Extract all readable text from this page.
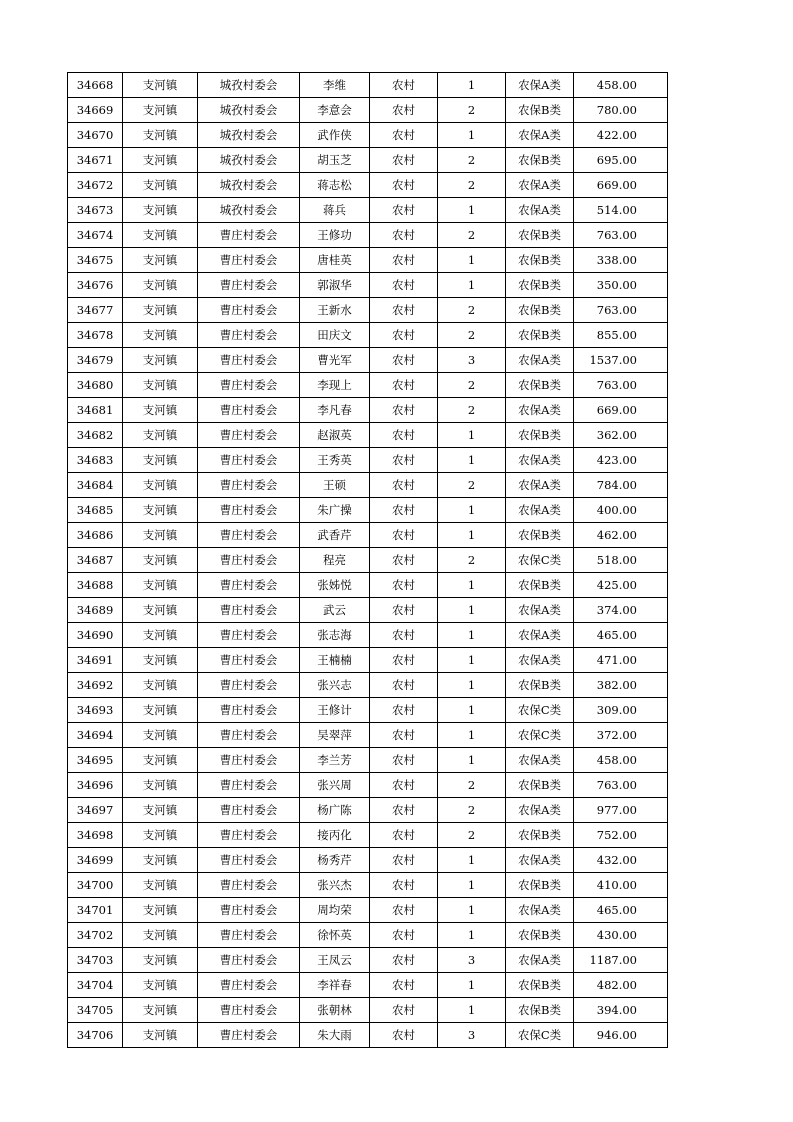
34668	支河镇	城孜村委会	李维	农村	1	农保A类	458.00
34669	支河镇	城孜村委会	李意会	农村	2	农保B类	780.00
34670	支河镇	城孜村委会	武作侠	农村	1	农保A类	422.00
34671	支河镇	城孜村委会	胡玉芝	农村	2	农保B类	695.00
34672	支河镇	城孜村委会	蒋志松	农村	2	农保A类	669.00
34673	支河镇	城孜村委会	蒋兵	农村	1	农保A类	514.00
34674	支河镇	曹庄村委会	王修功	农村	2	农保B类	763.00
34675	支河镇	曹庄村委会	唐桂英	农村	1	农保B类	338.00
34676	支河镇	曹庄村委会	郭淑华	农村	1	农保B类	350.00
34677	支河镇	曹庄村委会	王新水	农村	2	农保B类	763.00
34678	支河镇	曹庄村委会	田庆文	农村	2	农保B类	855.00
34679	支河镇	曹庄村委会	曹光军	农村	3	农保A类	1537.00
34680	支河镇	曹庄村委会	李现上	农村	2	农保B类	763.00
34681	支河镇	曹庄村委会	李凡春	农村	2	农保A类	669.00
34682	支河镇	曹庄村委会	赵淑英	农村	1	农保B类	362.00
34683	支河镇	曹庄村委会	王秀英	农村	1	农保A类	423.00
34684	支河镇	曹庄村委会	王硕	农村	2	农保A类	784.00
34685	支河镇	曹庄村委会	朱广操	农村	1	农保A类	400.00
34686	支河镇	曹庄村委会	武香芹	农村	1	农保B类	462.00
34687	支河镇	曹庄村委会	程亮	农村	2	农保C类	518.00
34688	支河镇	曹庄村委会	张姊悦	农村	1	农保B类	425.00
34689	支河镇	曹庄村委会	武云	农村	1	农保A类	374.00
34690	支河镇	曹庄村委会	张志海	农村	1	农保A类	465.00
34691	支河镇	曹庄村委会	王楠楠	农村	1	农保A类	471.00
34692	支河镇	曹庄村委会	张兴志	农村	1	农保B类	382.00
34693	支河镇	曹庄村委会	王修计	农村	1	农保C类	309.00
34694	支河镇	曹庄村委会	吴翠萍	农村	1	农保C类	372.00
34695	支河镇	曹庄村委会	李兰芳	农村	1	农保A类	458.00
34696	支河镇	曹庄村委会	张兴周	农村	2	农保B类	763.00
34697	支河镇	曹庄村委会	杨广陈	农村	2	农保A类	977.00
34698	支河镇	曹庄村委会	接丙化	农村	2	农保B类	752.00
34699	支河镇	曹庄村委会	杨秀芹	农村	1	农保A类	432.00
34700	支河镇	曹庄村委会	张兴杰	农村	1	农保B类	410.00
34701	支河镇	曹庄村委会	周均荣	农村	1	农保A类	465.00
34702	支河镇	曹庄村委会	徐怀英	农村	1	农保B类	430.00
34703	支河镇	曹庄村委会	王凤云	农村	3	农保A类	1187.00
34704	支河镇	曹庄村委会	李祥春	农村	1	农保B类	482.00
34705	支河镇	曹庄村委会	张朝林	农村	1	农保B类	394.00
34706	支河镇	曹庄村委会	朱大雨	农村	3	农保C类	946.00
